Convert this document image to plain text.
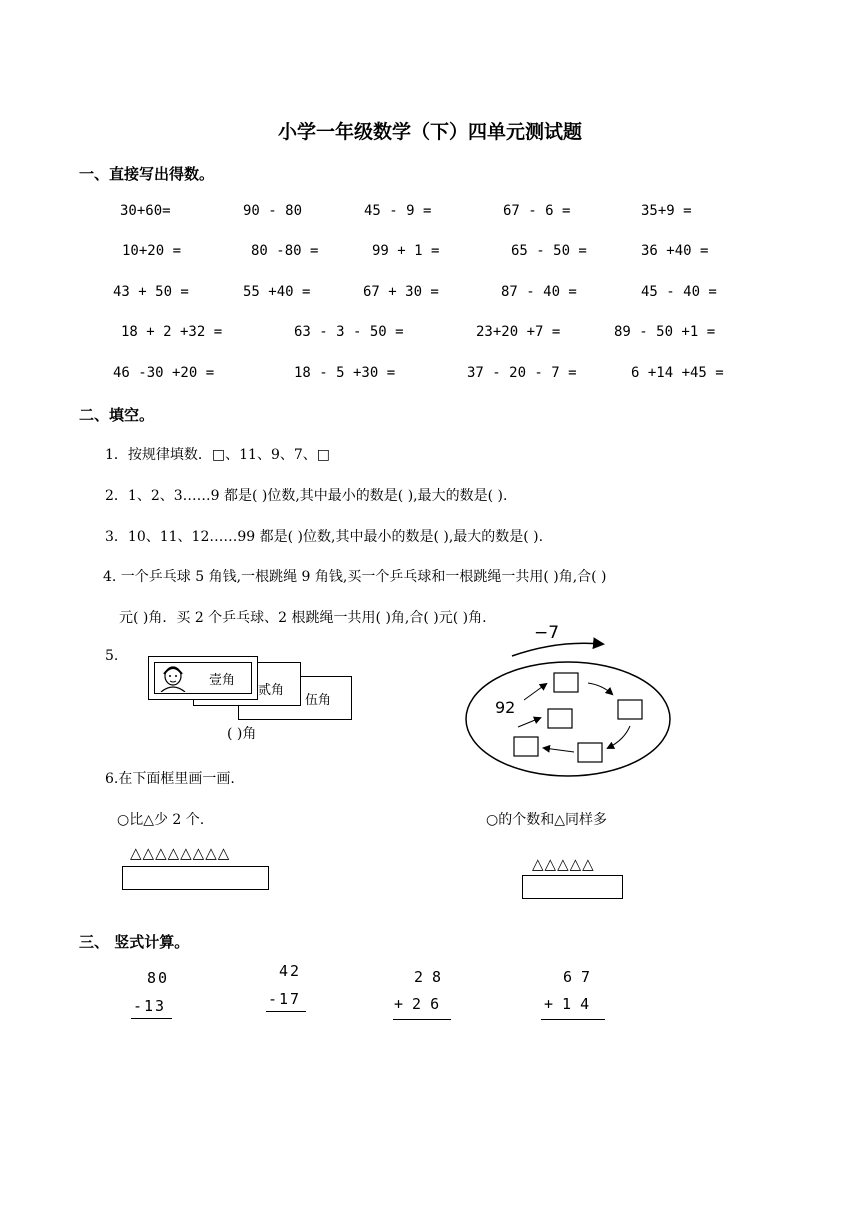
小学一年级数学（下）四单元测试题
一、直接写出得数。
30+60=	90 - 80	45 - 9 =	67 - 6 =	35+9 =
10+20 =	80 -80 =	99 + 1 =	65 - 50 =	36 +40 =
43 + 50 =	55 +40 =	67 + 30 =	87 - 40 =	45 - 40 =
18 + 2 +32 =	63 - 3 - 50 =	23+20 +7 =	89 - 50 +1 =
46 -30 +20 =	18 - 5 +30 =	37 - 20 - 7 =	6 +14 +45 =
二、填空。
1．按规律填数．□、11、9、7、□
2．1、2、3……9 都是( )位数,其中最小的数是( ),最大的数是( ).
3．10、11、12……99 都是( )位数,其中最小的数是( ),最大的数是( ).
4. 一个乒乓球 5 角钱,一根跳绳 9 角钱,买一个乒乓球和一根跳绳一共用( )角,合( )
元( )角．买 2 个乒乓球、2 根跳绳一共用( )角,合( )元( )角.
5.
伍角
贰角
壹角
( )角
−7
92
6.在下面框里画一画.
○比△少 2 个.	○的个数和△同样多
△△△△△△△△
△△△△△
三、 竖式计算。
80
-13
42
-17
2 8
+ 2 6
6 7
+ 1 4
